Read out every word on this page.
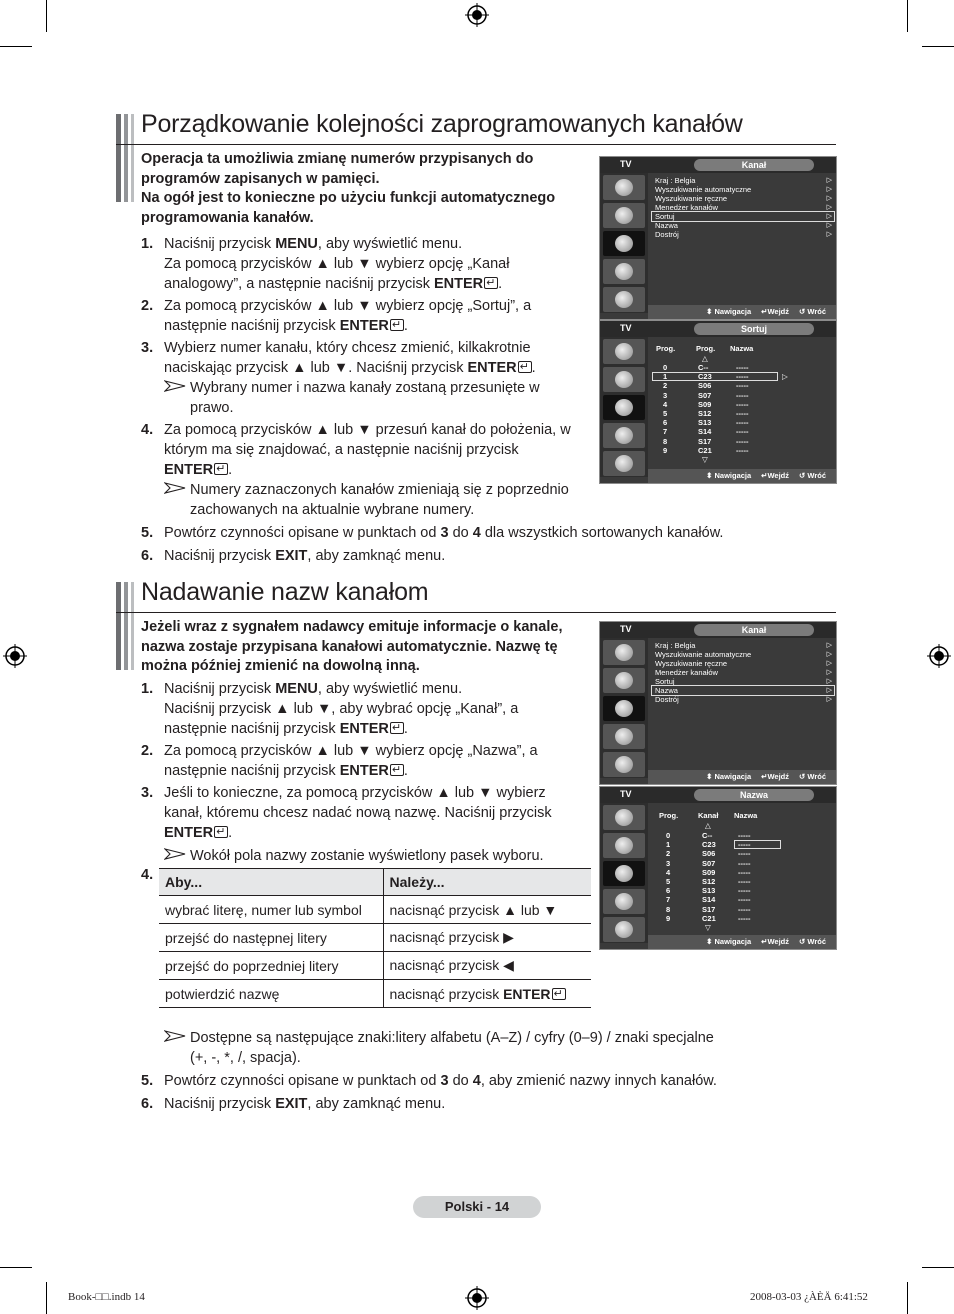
Porządkowanie kolejności zaprogramowanych kanałów
Operacja ta umożliwia zmianę numerów przypisanych do
programów zapisanych w pamięci.
Na ogół jest to konieczne po użyciu funkcji automatycznego
programowania kanałów.
1. Naciśnij przycisk MENU, aby wyświetlić menu.
Za pomocą przycisków ▲ lub ▼ wybierz opcję „Kanał
analogowy”, a następnie naciśnij przycisk ENTER ↵ .
2. Za pomocą przycisków ▲ lub ▼ wybierz opcję „Sortuj”, a
następnie naciśnij przycisk ENTER ↵ .
3. Wybierz numer kanału, który chcesz zmienić, kilkakrotnie
naciskając przycisk ▲ lub ▼. Naciśnij przycisk ENTER ↵ .
Wybrany numer i nazwa kanały zostaną przesunięte w
prawo.
4. Za pomocą przycisków ▲ lub ▼ przesuń kanał do położenia, w
którym ma się znajdować, a następnie naciśnij przycisk
ENTER ↵ .
Numery zaznaczonych kanałów zmieniają się z poprzednio
zachowanych na aktualnie wybrane numery.
5. Powtórz czynności opisane w punktach od 3 do 4 dla wszystkich sortowanych kanałów.
6. Naciśnij przycisk EXIT, aby zamknąć menu.
TV	Kanał
Kraj : Belgia	▷
Wyszukiwanie automatyczne	▷
Wyszukiwanie ręczne	▷
Menedżer kanałów	▷
Sortuj	▷
Nazwa	▷
Dostrój	▷
⬍ Nawigacja ↵Wejdź ↺ Wróć
TV	Sortuj
Prog.	Prog. Nazwa
△
▷
▽
0	C--	-----
1	C23	-----
2	S06	-----
3	S07	-----
4	S09	-----
5	S12	-----
6	S13	-----
7	S14	-----
8	S17	-----
9	C21	-----
⬍ Nawigacja ↵Wejdź ↺ Wróć
Nadawanie nazw kanałom
Jeżeli wraz z sygnałem nadawcy emituje informacje o kanale,
nazwa zostaje przypisana kanałowi automatycznie. Nazwę tę
można później zmienić na dowolną inną.
1. Naciśnij przycisk MENU, aby wyświetlić menu.
Naciśnij przycisk ▲ lub ▼, aby wybrać opcję „Kanał”, a
następnie naciśnij przycisk ENTER ↵ .
2. Za pomocą przycisków ▲ lub ▼ wybierz opcję „Nazwa”, a
następnie naciśnij przycisk ENTER ↵ .
3. Jeśli to konieczne, za pomocą przycisków ▲ lub ▼ wybierz
kanał, któremu chcesz nadać nową nazwę. Naciśnij przycisk
ENTER ↵ .
Wokół pola nazwy zostanie wyświetlony pasek wyboru.
4. Aby...	Należy...
wybrać literę, numer lub symbol	nacisnąć przycisk ▲ lub ▼
przejść do następnej litery	nacisnąć przycisk ▶
przejść do poprzedniej litery	nacisnąć przycisk ◀
potwierdzić nazwę	nacisnąć przycisk ENTER↵
Dostępne są następujące znaki:litery alfabetu (A–Z) / cyfry (0–9) / znaki specjalne
(+, -, *, /, spacja).
5. Powtórz czynności opisane w punktach od 3 do 4, aby zmienić nazwy innych kanałów.
6. Naciśnij przycisk EXIT, aby zamknąć menu.
TV	Kanał
Kraj : Belgia	▷
Wyszukiwanie automatyczne	▷
Wyszukiwanie ręczne	▷
Menedżer kanałów	▷
Sortuj	▷
Nazwa	▷
Dostrój	▷
⬍ Nawigacja ↵Wejdź ↺ Wróć
TV	Nazwa
Prog.	Kanał Nazwa
△
▽
0	C--	-----
1	C23	-----
2	S06	-----
3	S07	-----
4	S09	-----
5	S12	-----
6	S13	-----
7	S14	-----
8	S17	-----
9	C21	-----
⬍ Nawigacja ↵Wejdź ↺ Wróć
Polski - 14
Book-□□.indb 14	2008-03-03 ¿ÀÈÄ 6:41:52
